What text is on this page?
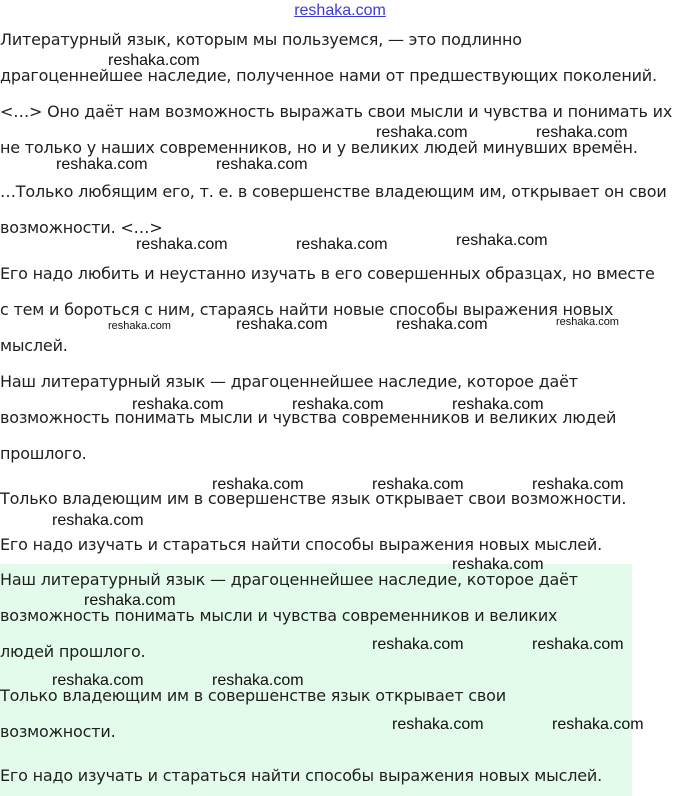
reshaka.com
Литературный язык, которым мы пользуемся, — это подлинно
драгоценнейшее наследие, полученное нами от предшествующих поколений.
<…> Оно даёт нам возможность выражать свои мысли и чувства и понимать их
не только у наших современников, но и у великих людей минувших времён.
…Только любящим его, т. е. в совершенстве владеющим им, открывает он свои
возможности. <…>
Его надо любить и неустанно изучать в его совершенных образцах, но вместе
с тем и бороться с ним, стараясь найти новые способы выражения новых
мыслей.
Наш литературный язык — драгоценнейшее наследие, которое даёт
возможность понимать мысли и чувства современников и великих людей
прошлого.
Только владеющим им в совершенстве язык открывает свои возможности.
Его надо изучать и стараться найти способы выражения новых мыслей.
Наш литературный язык — драгоценнейшее наследие, которое даёт
возможность понимать мысли и чувства современников и великих
людей прошлого.
Только владеющим им в совершенстве язык открывает свои
возможности.
Его надо изучать и стараться найти способы выражения новых мыслей.
reshaka.com
reshaka.com	reshaka.com
reshaka.com	reshaka.com
reshaka.com	reshaka.com	reshaka.com
reshaka.com	reshaka.com	reshaka.com	reshaka.com
reshaka.com	reshaka.com	reshaka.com
reshaka.com	reshaka.com	reshaka.com
reshaka.com
reshaka.com
reshaka.com
reshaka.com	reshaka.com
reshaka.com	reshaka.com
reshaka.com	reshaka.com
